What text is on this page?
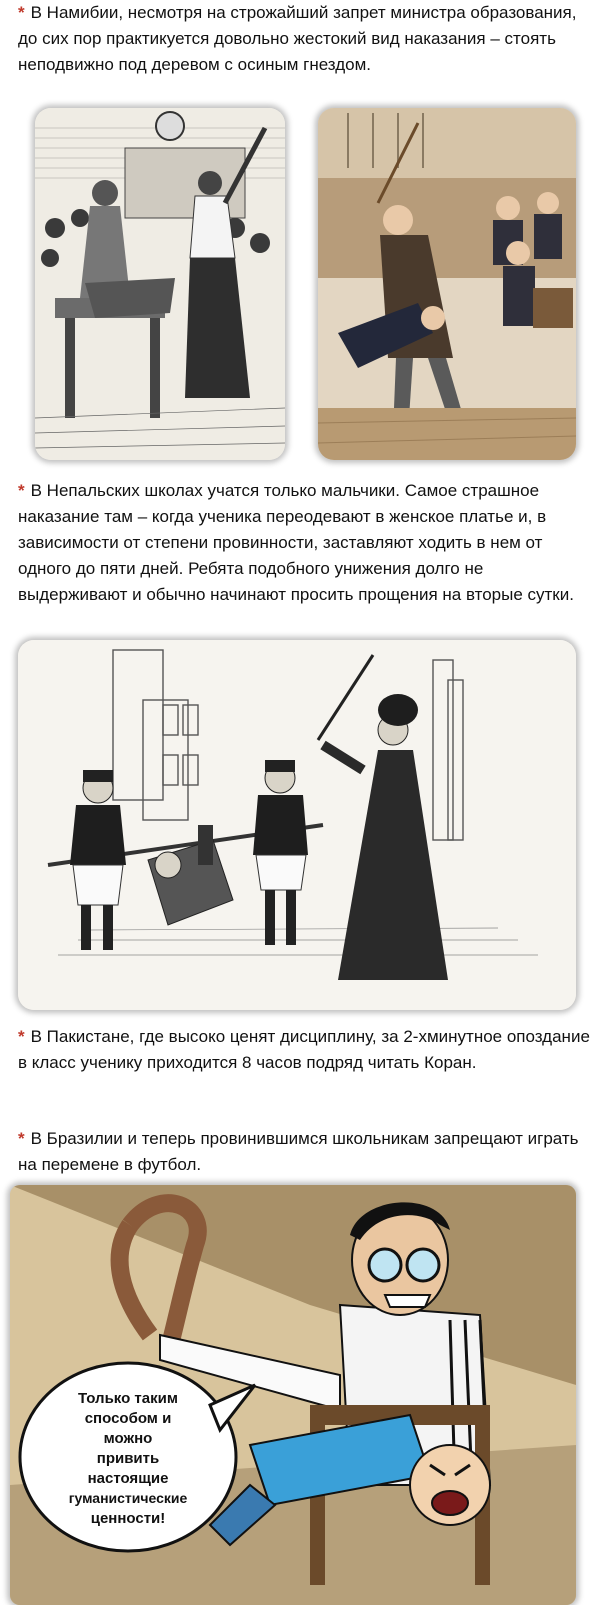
* В Намибии, несмотря на строжайший запрет министра образования, до сих пор практикуется довольно жестокий вид наказания – стоять неподвижно под деревом с осиным гнездом.
* В Непальских школах учатся только мальчики. Самое страшное наказание там – когда ученика переодевают в женское платье и, в зависимости от степени провинности, заставляют ходить в нем от одного до пяти дней. Ребята подобного унижения долго не выдерживают и обычно начинают просить прощения на вторые сутки.
* В Пакистане, где высоко ценят дисциплину, за 2-хминутное опоздание в класс ученику приходится 8 часов подряд читать Коран.
* В Бразилии и теперь провинившимся школьникам запрещают играть на перемене в футбол.
Только таким
способом и
можно
привить
настоящие
гуманистические
ценности!
